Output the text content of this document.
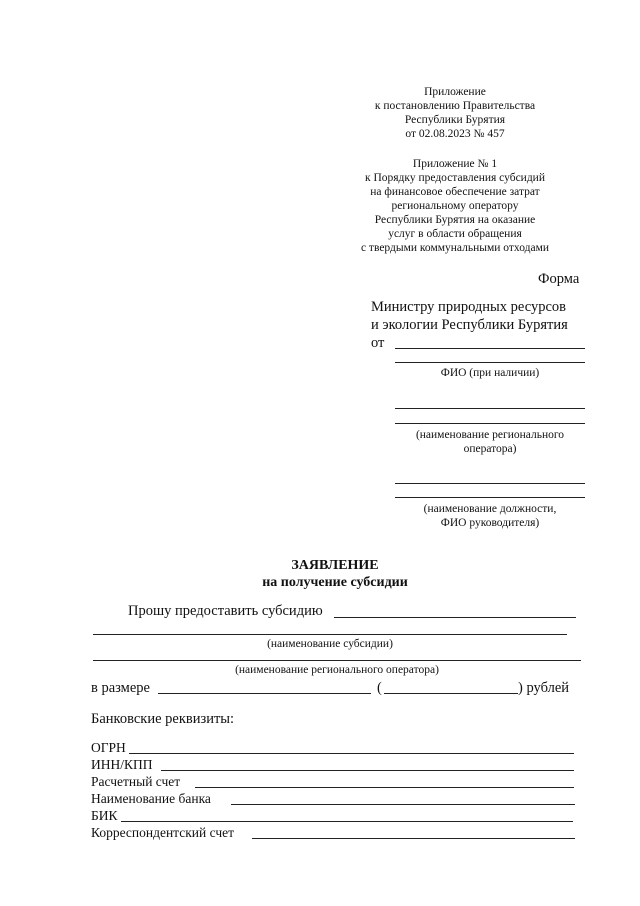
Приложение
к постановлению Правительства
Республики Бурятия
от 02.08.2023 № 457
Приложение № 1
к Порядку предоставления субсидий
на финансовое обеспечение затрат
региональному оператору
Республики Бурятия на оказание
услуг в области обращения
с твердыми коммунальными отходами
Форма
Министру природных ресурсов
и экологии Республики Бурятия
от
ФИО (при наличии)
(наименование регионального
оператора)
(наименование должности,
ФИО руководителя)
ЗАЯВЛЕНИЕ
на получение субсидии
Прошу предоставить субсидию
(наименование субсидии)
(наименование регионального оператора)
в размере	(	) рублей
Банковские реквизиты:
ОГРН
ИНН/КПП
Расчетный счет
Наименование банка
БИК
Корреспондентский счет
